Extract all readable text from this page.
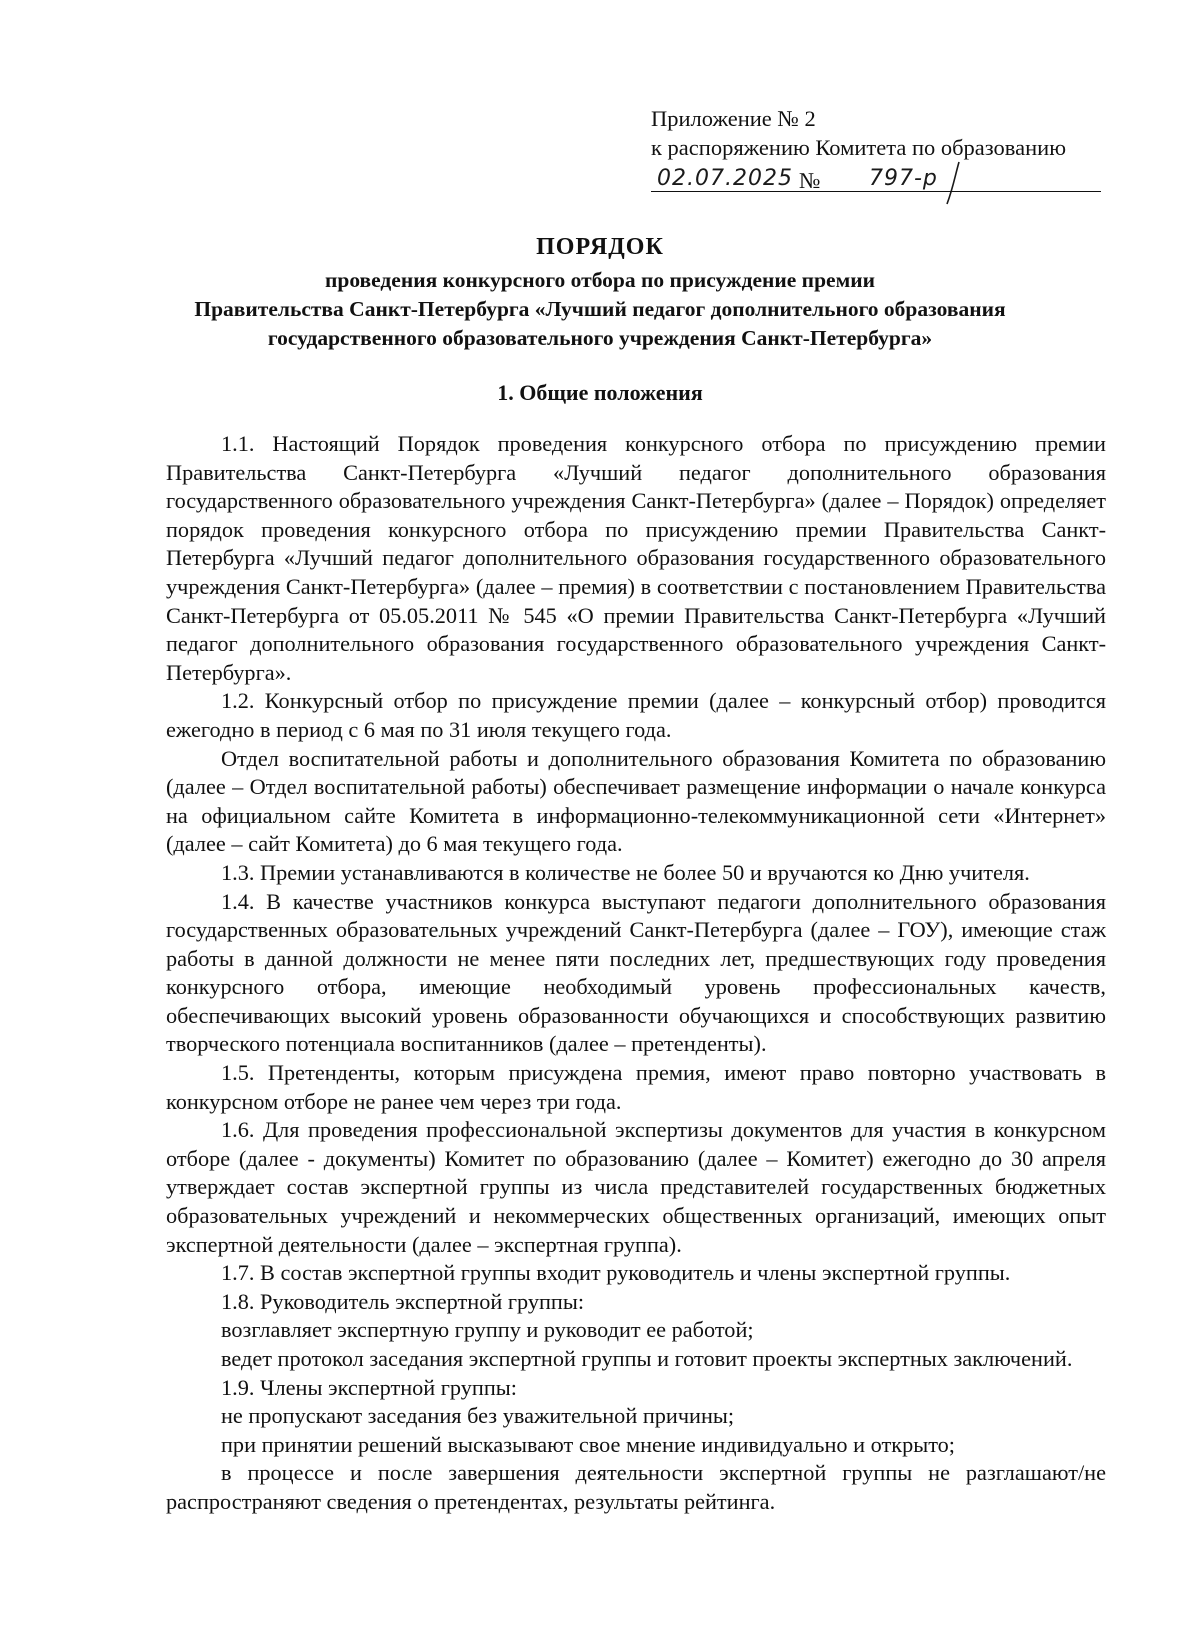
Приложение № 2
к распоряжению Комитета по образованию
02.07.2025 № 797-р
ПОРЯДОК
проведения конкурсного отбора по присуждение премии
Правительства Санкт-Петербурга «Лучший педагог дополнительного образования
государственного образовательного учреждения Санкт-Петербурга»
1. Общие положения

1.1. Настоящий Порядок проведения конкурсного отбора по присуждению премии Правительства Санкт-Петербурга «Лучший педагог дополнительного образования государственного образовательного учреждения Санкт-Петербурга» (далее – Порядок) определяет порядок проведения конкурсного отбора по присуждению премии Правительства Санкт-Петербурга «Лучший педагог дополнительного образования государственного образовательного учреждения Санкт-Петербурга» (далее – премия) в соответствии с постановлением Правительства Санкт-Петербурга от 05.05.2011 № 545 «О премии Правительства Санкт-Петербурга «Лучший педагог дополнительного образования государственного образовательного учреждения Санкт-Петербурга».

1.2. Конкурсный отбор по присуждение премии (далее – конкурсный отбор) проводится ежегодно в период с 6 мая по 31 июля текущего года.

Отдел воспитательной работы и дополнительного образования Комитета по образованию (далее – Отдел воспитательной работы) обеспечивает размещение информации о начале конкурса на официальном сайте Комитета в информационно-телекоммуникационной сети «Интернет» (далее – сайт Комитета) до 6 мая текущего года.

1.3. Премии устанавливаются в количестве не более 50 и вручаются ко Дню учителя.

1.4. В качестве участников конкурса выступают педагоги дополнительного образования государственных образовательных учреждений Санкт-Петербурга (далее – ГОУ), имеющие стаж работы в данной должности не менее пяти последних лет, предшествующих году проведения конкурсного отбора, имеющие необходимый уровень профессиональных качеств, обеспечивающих высокий уровень образованности обучающихся и способствующих развитию творческого потенциала воспитанников (далее – претенденты).

1.5. Претенденты, которым присуждена премия, имеют право повторно участвовать в конкурсном отборе не ранее чем через три года.

1.6. Для проведения профессиональной экспертизы документов для участия в конкурсном отборе (далее - документы) Комитет по образованию (далее – Комитет) ежегодно до 30 апреля утверждает состав экспертной группы из числа представителей государственных бюджетных образовательных учреждений и некоммерческих общественных организаций, имеющих опыт экспертной деятельности (далее – экспертная группа).

1.7. В состав экспертной группы входит руководитель и члены экспертной группы.

1.8. Руководитель экспертной группы:

возглавляет экспертную группу и руководит ее работой;

ведет протокол заседания экспертной группы и готовит проекты экспертных заключений.

1.9. Члены экспертной группы:

не пропускают заседания без уважительной причины;

при принятии решений высказывают свое мнение индивидуально и открыто;

в процессе и после завершения деятельности экспертной группы не разглашают/не распространяют сведения о претендентах, результаты рейтинга.
